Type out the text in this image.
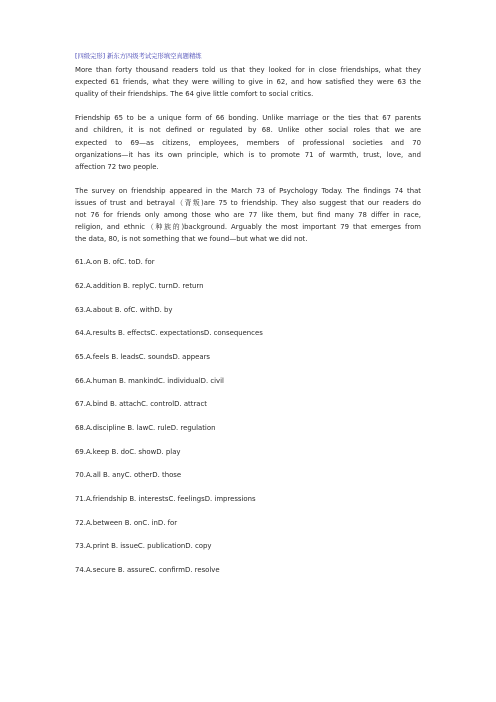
[四级完形] 新东方四级考试完形填空真题精练
More than forty thousand readers told us that they looked for in close friendships, what they
expected 61 friends, what they were willing to give in 62, and how satisfied they were 63 the
quality of their friendships. The 64 give little comfort to social critics.
Friendship 65 to be a unique form of 66 bonding. Unlike marriage or the ties that 67 parents
and children, it is not defined or regulated by 68. Unlike other social roles that we are
expected to 69—as citizens, employees, members of professional societies and 70
organizations—it has its own principle, which is to promote 71 of warmth, trust, love, and
affection 72 two people.
The survey on friendship appeared in the March 73 of Psychology Today. The findings 74 that
issues of trust and betrayal（背叛)are 75 to friendship. They also suggest that our readers do
not 76 for friends only among those who are 77 like them, but find many 78 differ in race,
religion, and ethnic（种族的)background. Arguably the most important 79 that emerges from
the data, 80, is not something that we found—but what we did not.
61.A.on B. ofC. toD. for
62.A.addition B. replyC. turnD. return
63.A.about B. ofC. withD. by
64.A.results B. effectsC. expectationsD. consequences
65.A.feels B. leadsC. soundsD. appears
66.A.human B. mankindC. individualD. civil
67.A.bind B. attachC. controlD. attract
68.A.discipline B. lawC. ruleD. regulation
69.A.keep B. doC. showD. play
70.A.all B. anyC. otherD. those
71.A.friendship B. interestsC. feelingsD. impressions
72.A.between B. onC. inD. for
73.A.print B. issueC. publicationD. copy
74.A.secure B. assureC. confirmD. resolve
